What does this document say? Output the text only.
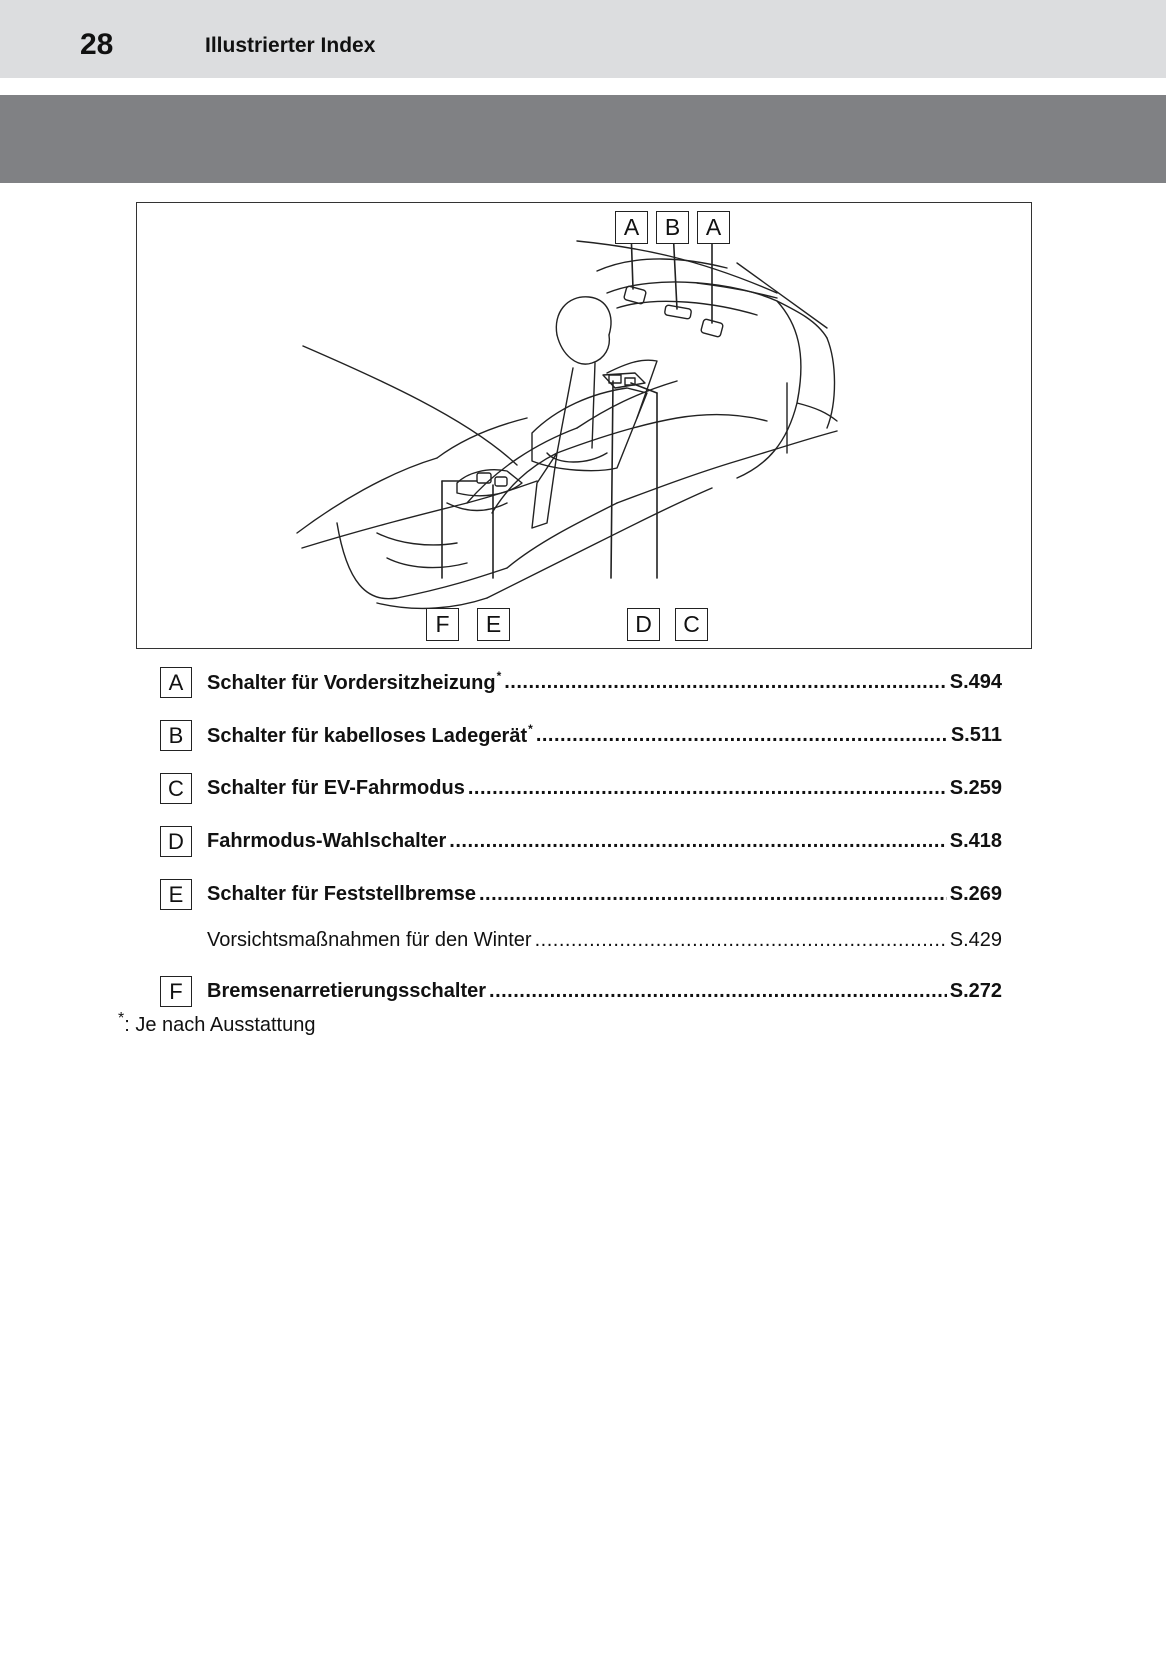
28	Illustrierter Index
A	B	A
F	E	D	C
A	Schalter für Vordersitzheizung* .....	S.494
B	Schalter für kabelloses Ladegerät* .....	S.511
C	Schalter für EV-Fahrmodus .....	S.259
D	Fahrmodus-Wahlschalter .....	S.418
E	Schalter für Feststellbremse .....	S.269
Vorsichtsmaßnahmen für den Winter .....	S.429
F	Bremsenarretierungsschalter .....	S.272
*: Je nach Ausstattung
